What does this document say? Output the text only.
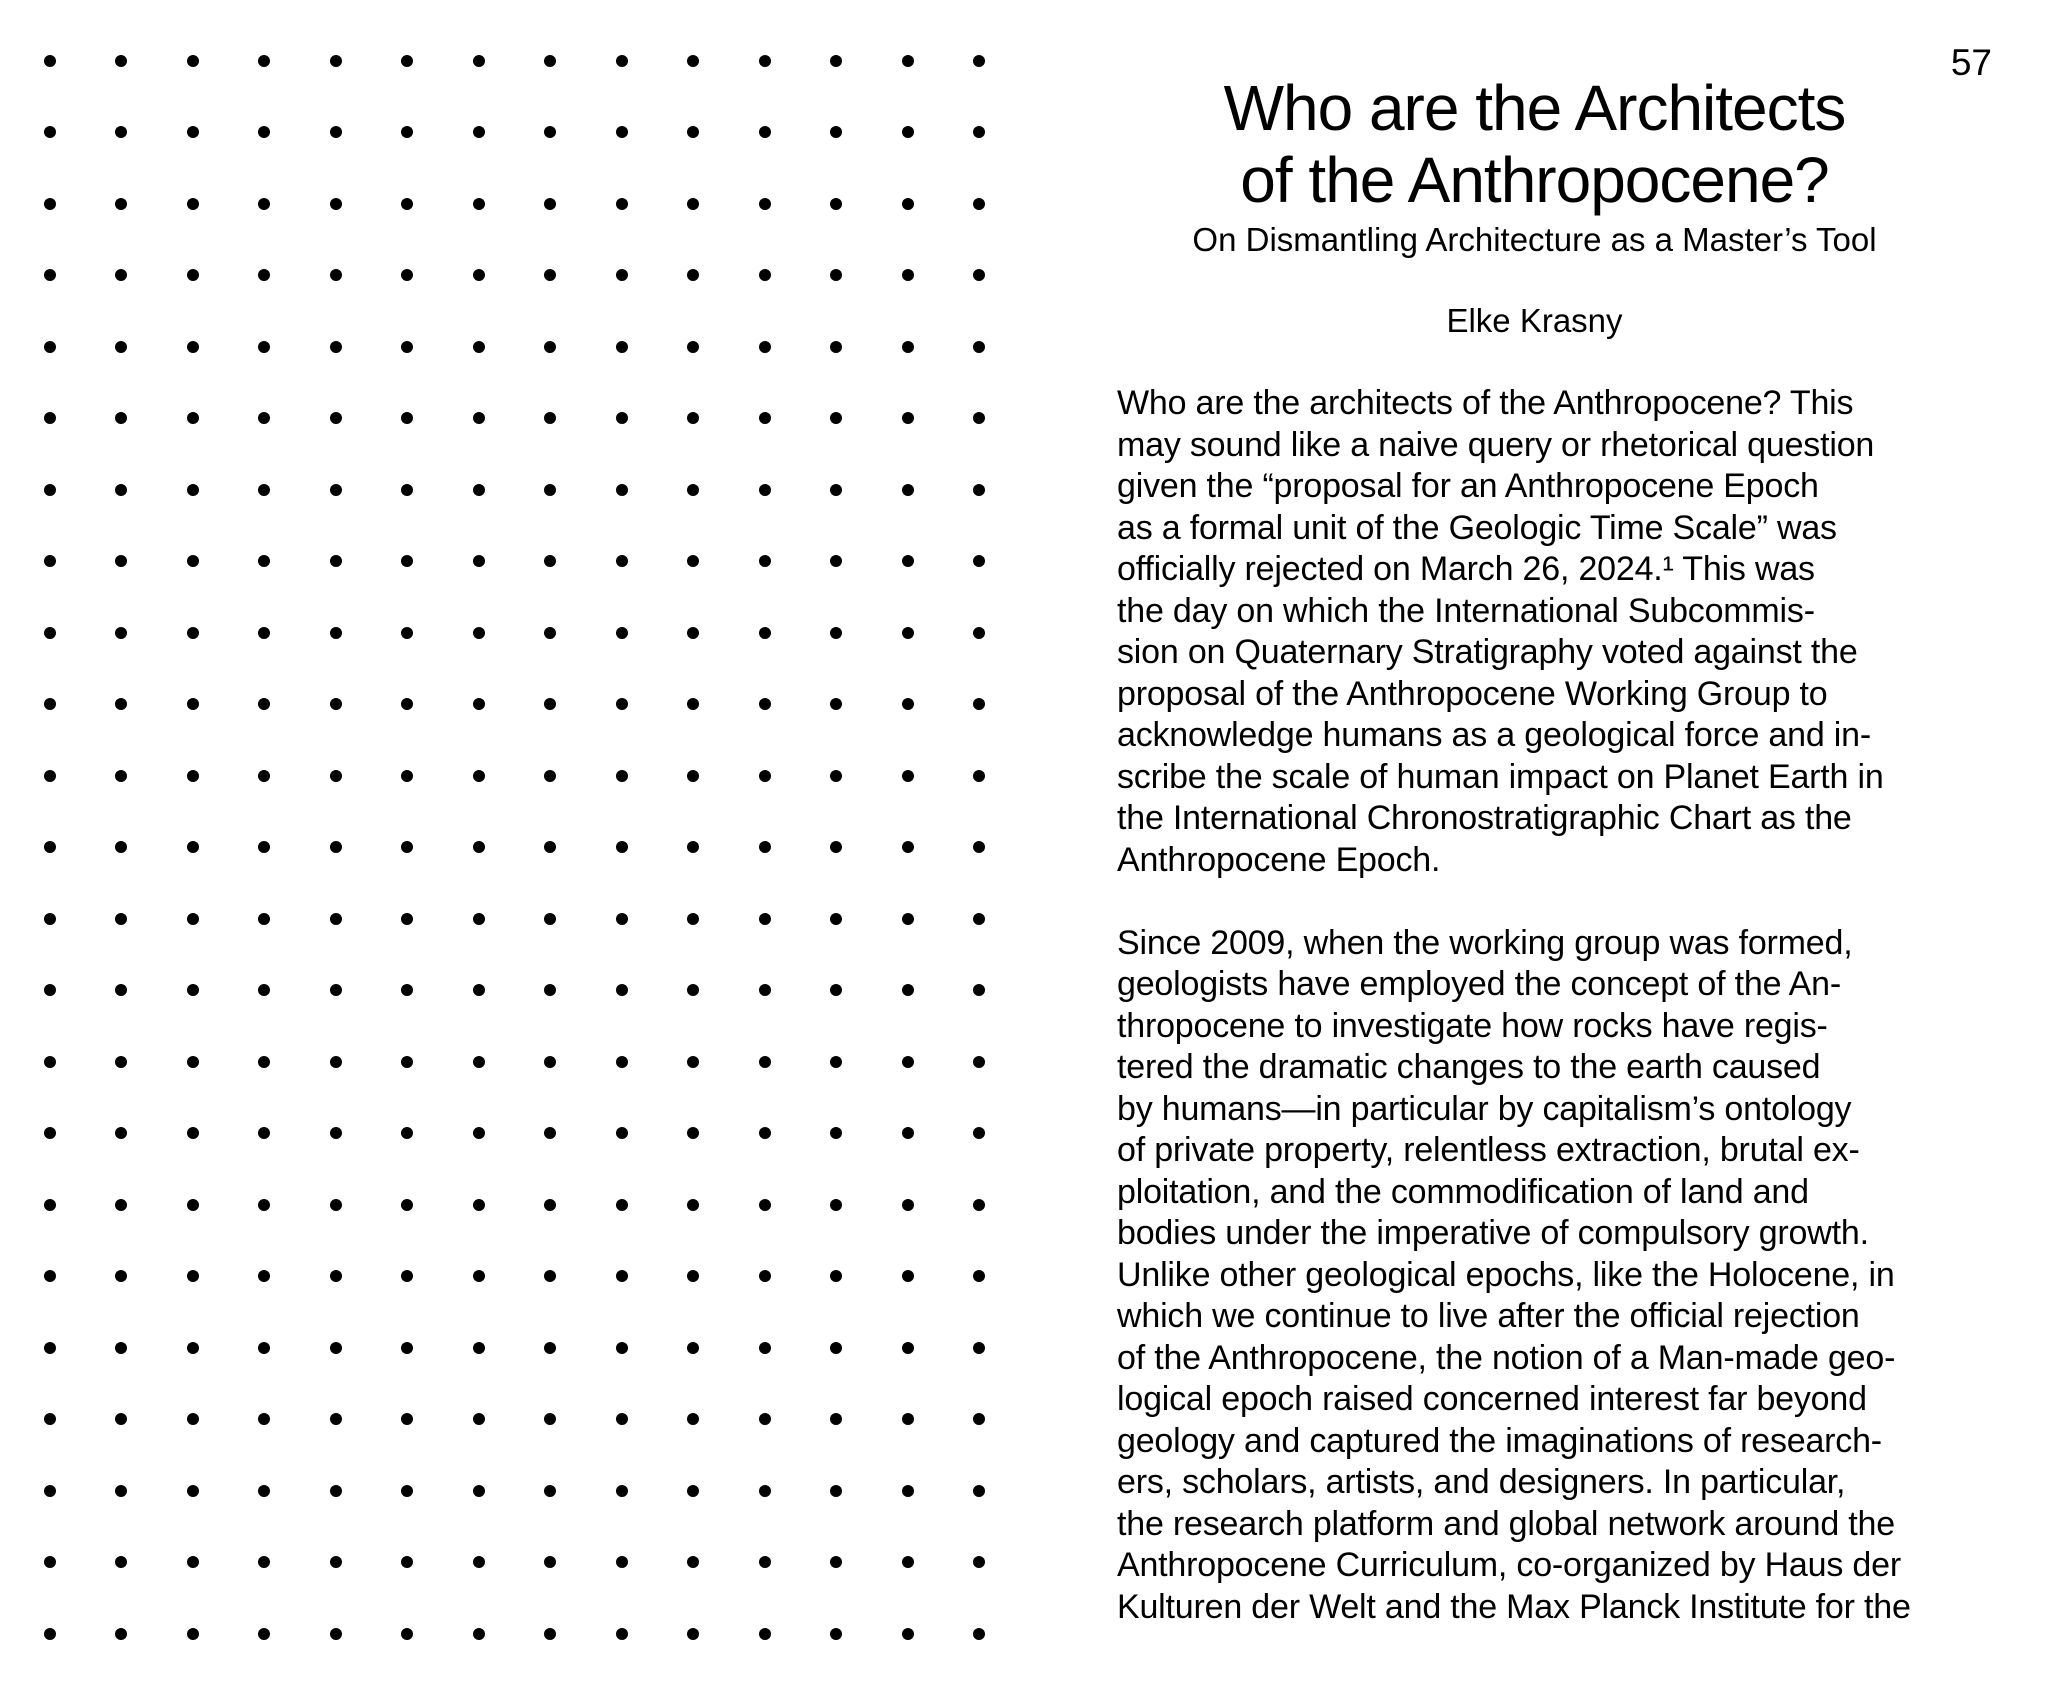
57
Who are the Architects
of the Anthropocene?
On Dismantling Architecture as a Master’s Tool
Elke Krasny
Who are the architects of the Anthropocene? This
may sound like a naive query or rhetorical question
given the “proposal for an Anthropocene Epoch
as a formal unit of the Geologic Time Scale” was
officially rejected on March 26, 2024.¹ This was
the day on which the International Subcommis-
sion on Quaternary Stratigraphy voted against the
proposal of the Anthropocene Working Group to
acknowledge humans as a geological force and in-
scribe the scale of human impact on Planet Earth in
the International Chronostratigraphic Chart as the
Anthropocene Epoch.
Since 2009, when the working group was formed,
geologists have employed the concept of the An-
thropocene to investigate how rocks have regis-
tered the dramatic changes to the earth caused
by humans—in particular by capitalism’s ontology
of private property, relentless extraction, brutal ex-
ploitation, and the commodification of land and
bodies under the imperative of compulsory growth.
Unlike other geological epochs, like the Holocene, in
which we continue to live after the official rejection
of the Anthropocene, the notion of a Man-made geo-
logical epoch raised concerned interest far beyond
geology and captured the imaginations of research-
ers, scholars, artists, and designers. In particular,
the research platform and global network around the
Anthropocene Curriculum, co-organized by Haus der
Kulturen der Welt and the Max Planck Institute for the
